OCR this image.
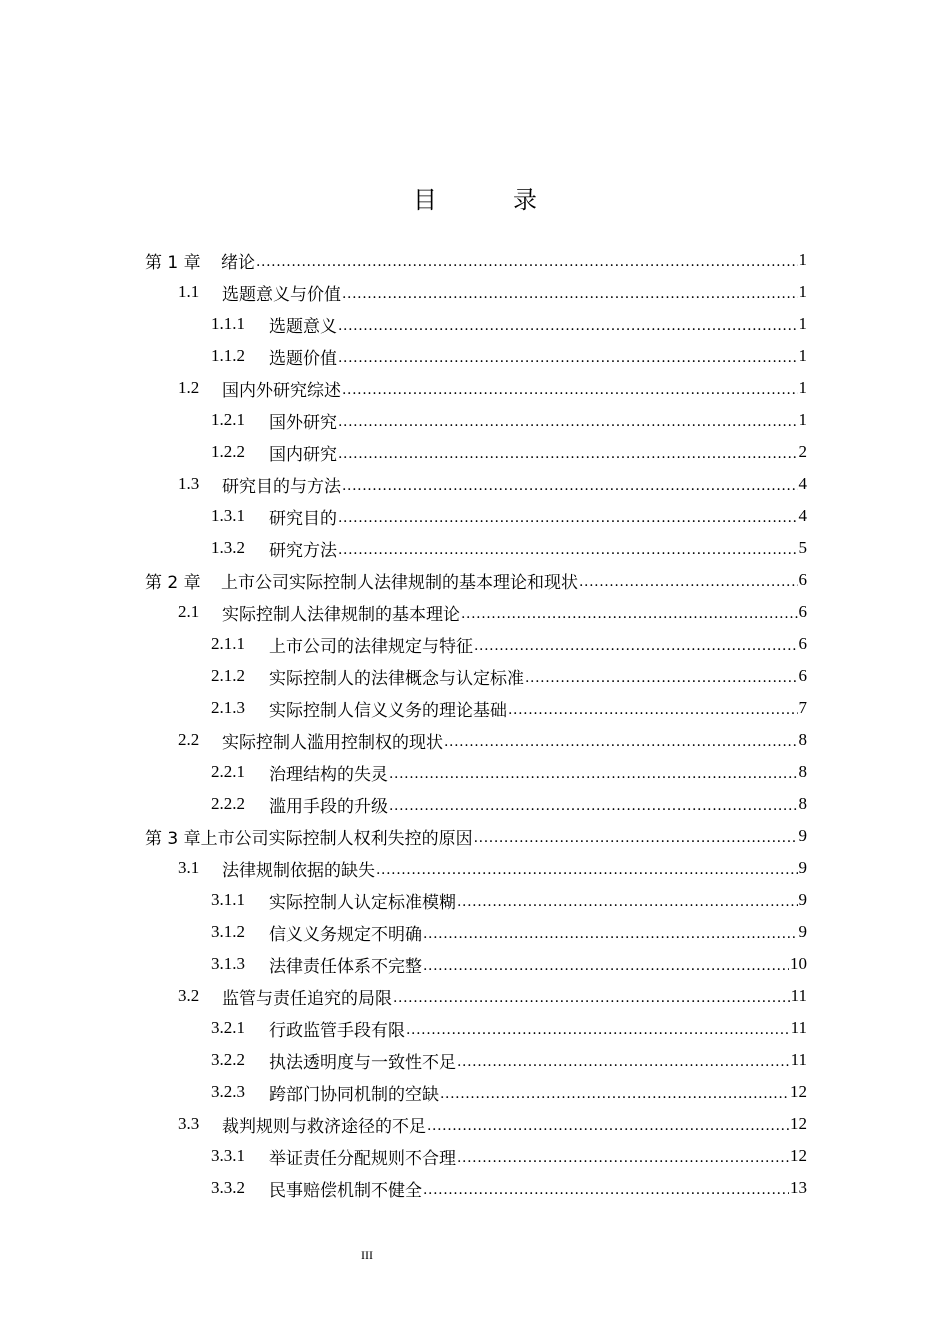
目　录
第 1 章	绪论 .....	1
1.1	选题意义与价值 .....	1
1.1.1	选题意义 .....	1
1.1.2	选题价值 .....	1
1.2	国内外研究综述 .....	1
1.2.1	国外研究 .....	1
1.2.2	国内研究 .....	2
1.3	研究目的与方法 .....	4
1.3.1	研究目的 .....	4
1.3.2	研究方法 .....	5
第 2 章	上市公司实际控制人法律规制的基本理论和现状 .....	6
2.1	实际控制人法律规制的基本理论 .....	6
2.1.1	上市公司的法律规定与特征 .....	6
2.1.2	实际控制人的法律概念与认定标准 .....	6
2.1.3	实际控制人信义义务的理论基础 .....	7
2.2	实际控制人滥用控制权的现状 .....	8
2.2.1	治理结构的失灵 .....	8
2.2.2	滥用手段的升级 .....	8
第 3 章 上市公司实际控制人权利失控的原因 .....	9
3.1	法律规制依据的缺失 .....	9
3.1.1	实际控制人认定标准模糊 .....	9
3.1.2	信义义务规定不明确 .....	9
3.1.3	法律责任体系不完整 .....	10
3.2	监管与责任追究的局限 .....	11
3.2.1	行政监管手段有限 .....	11
3.2.2	执法透明度与一致性不足 .....	11
3.2.3	跨部门协同机制的空缺 .....	12
3.3	裁判规则与救济途径的不足 .....	12
3.3.1	举证责任分配规则不合理 .....	12
3.3.2	民事赔偿机制不健全 .....	13
III
